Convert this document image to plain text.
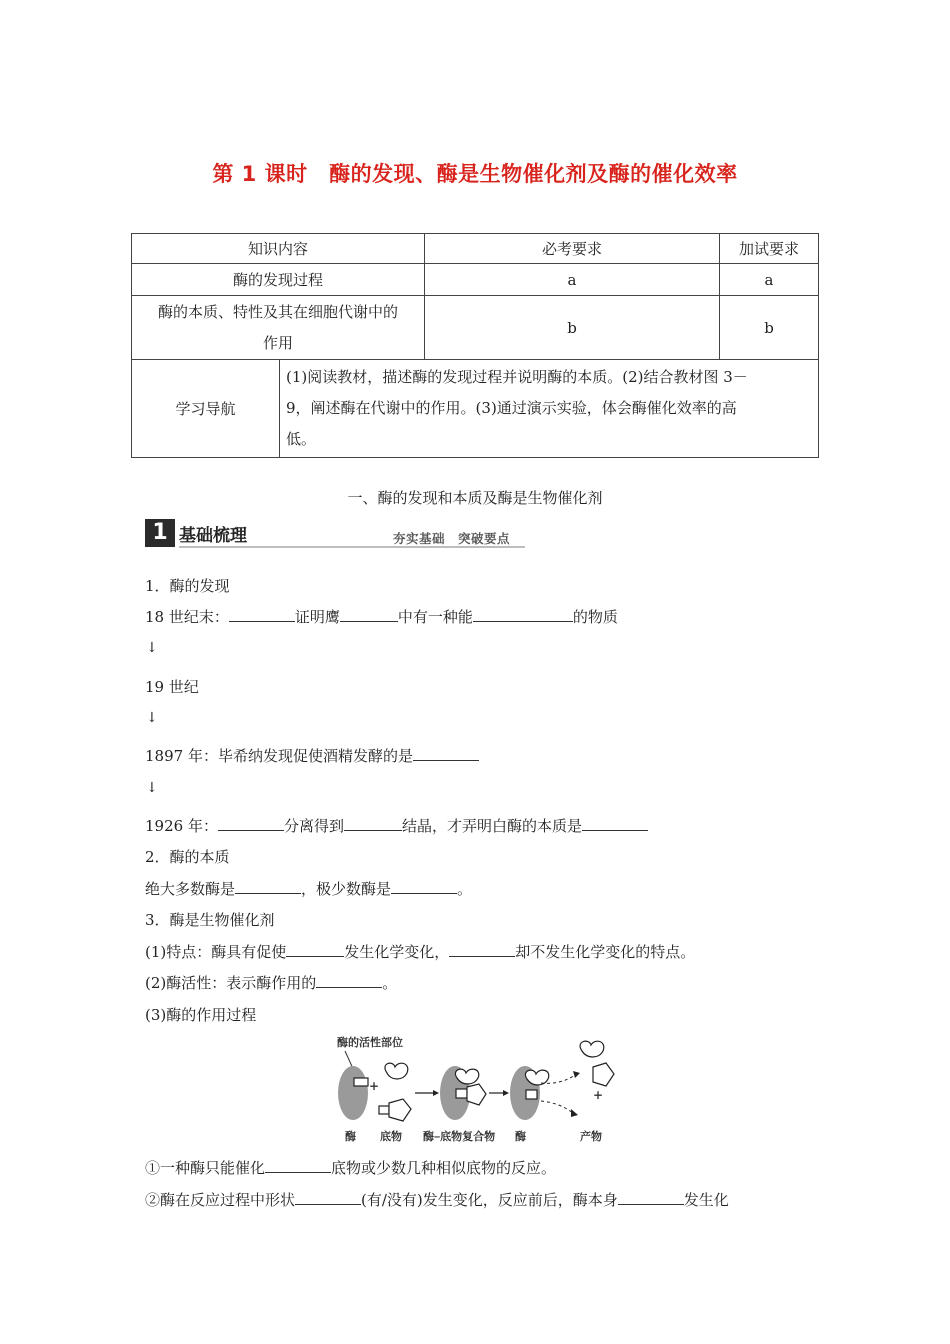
第 1 课时　酶的发现、酶是生物催化剂及酶的催化效率
知识内容	必考要求	加试要求
酶的发现过程	a	a
酶的本质、特性及其在细胞代谢中的
作用	b	b

学习导航	(1)阅读教材，描述酶的发现过程并说明酶的本质。(2)结合教材图 3－
9，阐述酶在代谢中的作用。(3)通过演示实验，体会酶催化效率的高
低。
一、酶的发现和本质及酶是生物催化剂
1 基础梳理	夯实基础　突破要点
1．酶的发现
18 世纪末：	证明鹰	中有一种能	的物质
↓
19 世纪
↓
1897 年：毕希纳发现促使酒精发酵的是
↓
1926 年：	分离得到	结晶，才弄明白酶的本质是
2．酶的本质
绝大多数酶是	，极少数酶是	。
3．酶是生物催化剂
(1)特点：酶具有促使	发生化学变化，	却不发生化学变化的特点。
(2)酶活性：表示酶作用的	。
(3)酶的作用过程
酶的活性部位
酶 底物 酶–底物复合物 酶	产物
+
+
①一种酶只能催化	底物或少数几种相似底物的反应。
②酶在反应过程中形状	(有/没有)发生变化，反应前后，酶本身	发生化
